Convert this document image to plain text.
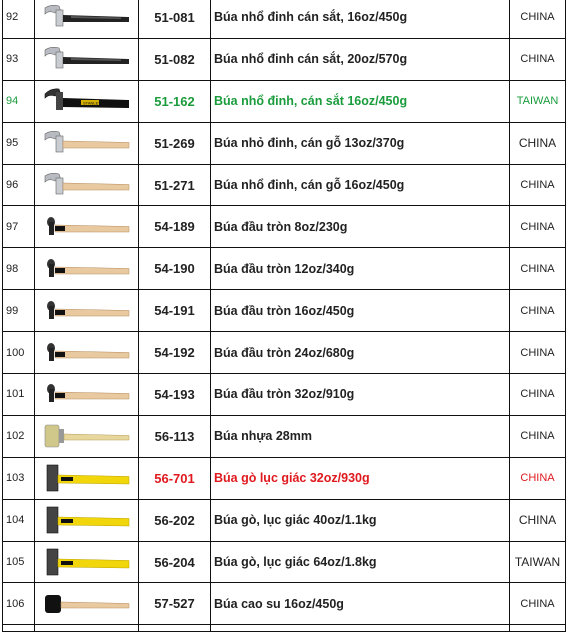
92		51-081	Búa nhổ đinh cán sắt, 16oz/450g	CHINA
93		51-082	Búa nhổ đinh cán sắt, 20oz/570g	CHINA
94	STANLEY	51-162	Búa nhổ đinh, cán sắt 16oz/450g	TAIWAN
95		51-269	Búa nhỏ đinh, cán gỗ 13oz/370g	CHINA
96		51-271	Búa nhổ đinh, cán gỗ 16oz/450g	CHINA
97		54-189	Búa đầu tròn 8oz/230g	CHINA
98		54-190	Búa đầu tròn 12oz/340g	CHINA
99		54-191	Búa đầu tròn 16oz/450g	CHINA
100		54-192	Búa đầu tròn 24oz/680g	CHINA
101		54-193	Búa đầu tròn 32oz/910g	CHINA
102		56-113	Búa nhựa 28mm	CHINA
103		56-701	Búa gò lục giác 32oz/930g	CHINA
104		56-202	Búa gò, lục giác 40oz/1.1kg	CHINA
105		56-204	Búa gò, lục giác 64oz/1.8kg	TAIWAN
106		57-527	Búa cao su 16oz/450g	CHINA
